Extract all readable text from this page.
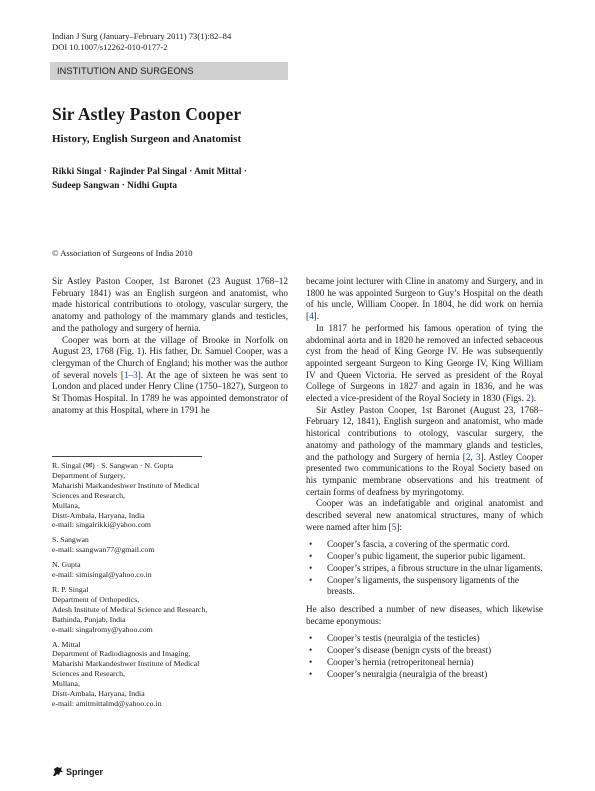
Indian J Surg (January–February 2011) 73(1):82–84
DOI 10.1007/s12262-010-0177-2
INSTITUTION AND SURGEONS
Sir Astley Paston Cooper
History, English Surgeon and Anatomist
Rikki Singal · Rajinder Pal Singal · Amit Mittal ·
Sudeep Sangwan · Nidhi Gupta
© Association of Surgeons of India 2010

Sir Astley Paston Cooper, 1st Baronet (23 August 1768–12 February 1841) was an English surgeon and anatomist, who made historical contributions to otology, vascular surgery, the anatomy and pathology of the mammary glands and testicles, and the pathology and surgery of hernia.

Cooper was born at the village of Brooke in Norfolk on August 23, 1768 (Fig. 1). His father, Dr. Samuel Cooper, was a clergyman of the Church of England; his mother was the author of several novels [1–3]. At the age of sixteen he was sent to London and placed under Henry Cline (1750–1827), Surgeon to St Thomas Hospital. In 1789 he was appointed demonstrator of anatomy at this Hospital, where in 1791 he

R. Singal (✉) · S. Sangwan · N. Gupta
Department of Surgery,
Maharishi Markandeshwer Institute of Medical
Sciences and Research,
Mullana,
Distt-Ambala, Haryana, India
e-mail: singalrikki@yahoo.com
S. Sangwan
e-mail: ssangwan77@gmail.com
N. Gupta
e-mail: simisingal@yahoo.co.in
R. P. Singal
Department of Orthopedics,
Adesh Institute of Medical Science and Research,
Bathinda, Punjab, India
e-mail: singalromy@yahoo.com
A. Mittal
Department of Radiodiagnosis and Imaging,
Maharishi Markandeshwer Institute of Medical
Sciences and Research,
Mullana,
Distt-Ambala, Haryana, India
e-mail: amitmittalmd@yahoo.co.in

became joint lecturer with Cline in anatomy and Surgery, and in 1800 he was appointed Surgeon to Guy’s Hospital on the death of his uncle, William Cooper. In 1804, he did work on hernia [4].

In 1817 he performed his famous operation of tying the abdominal aorta and in 1820 he removed an infected sebaceous cyst from the head of King George IV. He was subsequently appointed sergeant Surgeon to King George IV, King William IV and Queen Victoria. He served as president of the Royal College of Surgeons in 1827 and again in 1836, and he was elected a vice-president of the Royal Society in 1830 (Figs. 2).

Sir Astley Paston Cooper, 1st Baronet (August 23, 1768–February 12, 1841), English surgeon and anatomist, who made historical contributions to otology, vascular surgery, the anatomy and pathology of the mammary glands and testicles, and the pathology and Surgery of hernia [2, 3]. Astley Cooper presented two communications to the Royal Society based on his tympanic membrane observations and his treatment of certain forms of deafness by myringotomy.

Cooper was an indefatigable and original anatomist and described several new anatomical structures, many of which were named after him [5]:

• Cooper’s fascia, a covering of the spermatic cord.
• Cooper’s pubic ligament, the superior pubic ligament.
• Cooper’s stripes, a fibrous structure in the ulnar ligaments.
• Cooper’s ligaments, the suspensory ligaments of the breasts.

He also described a number of new diseases, which likewise became eponymous:

• Cooper’s testis (neuralgia of the testicles)
• Cooper’s disease (benign cysts of the breast)
• Cooper’s hernia (retroperitoneal hernia)
• Cooper’s neuralgia (neuralgia of the breast)
Springer
